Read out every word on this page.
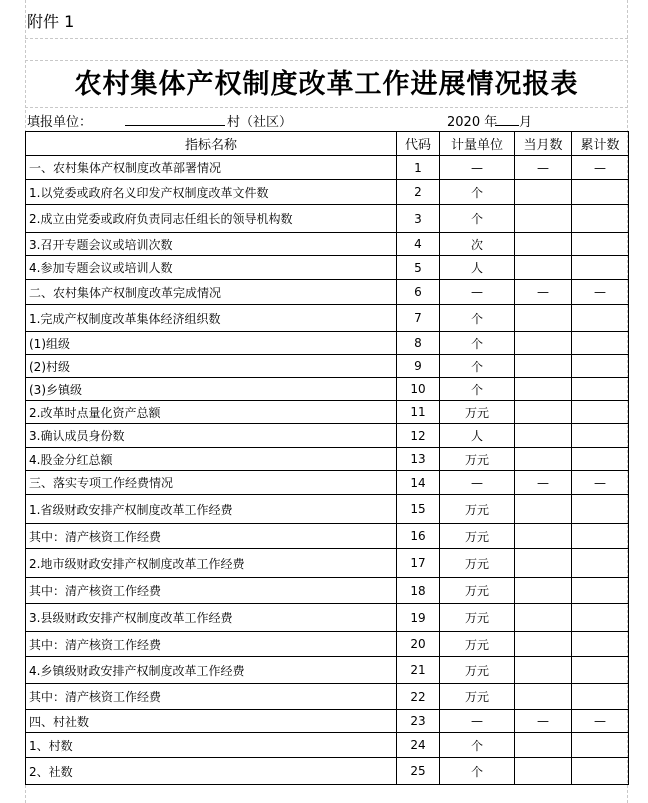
附件 1
农村集体产权制度改革工作进展情况报表
填报单位：	村（社区）	2020 年 月
指标名称	代码	计量单位	当月数	累计数
一、农村集体产权制度改革部署情况	1	—	—	—
1.以党委或政府名义印发产权制度改革文件数	2	个		
2.成立由党委或政府负责同志任组长的领导机构数	3	个		
3.召开专题会议或培训次数	4	次		
4.参加专题会议或培训人数	5	人		
二、农村集体产权制度改革完成情况	6	—	—	—
1.完成产权制度改革集体经济组织数	7	个		
(1)组级	8	个		
(2)村级	9	个		
(3)乡镇级	10	个		
2.改革时点量化资产总额	11	万元		
3.确认成员身份数	12	人		
4.股金分红总额	13	万元		
三、落实专项工作经费情况	14	—	—	—
1.省级财政安排产权制度改革工作经费	15	万元		
其中：清产核资工作经费	16	万元		
2.地市级财政安排产权制度改革工作经费	17	万元		
其中：清产核资工作经费	18	万元		
3.县级财政安排产权制度改革工作经费	19	万元		
其中：清产核资工作经费	20	万元		
4.乡镇级财政安排产权制度改革工作经费	21	万元		
其中：清产核资工作经费	22	万元		
四、村社数	23	—	—	—
1、村数	24	个		
2、社数	25	个		
